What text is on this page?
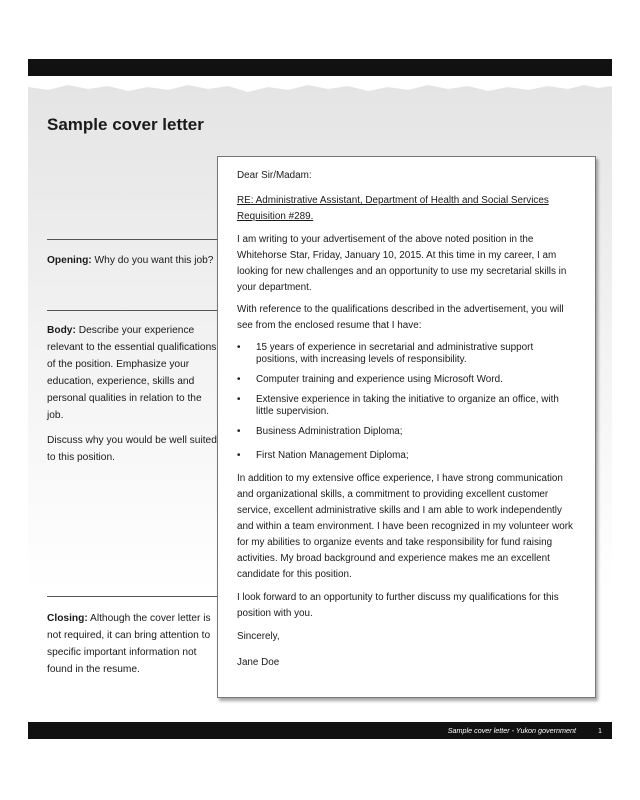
Sample cover letter

Opening: Why do you want this job?

Body: Describe your experience relevant to the essential qualifications of the position. Emphasize your education, experience, skills and personal qualities in relation to the job.

Discuss why you would be well suited to this position.

Closing: Although the cover letter is not required, it can bring attention to specific important information not found in the resume.

Dear Sir/Madam:

RE: Administrative Assistant, Department of Health and Social Services Requisition #289.

I am writing to your advertisement of the above noted position in the Whitehorse Star, Friday, January 10, 2015. At this time in my career, I am looking for new challenges and an opportunity to use my secretarial skills in your department.

With reference to the qualifications described in the advertisement, you will see from the enclosed resume that I have:

• 15 years of experience in secretarial and administrative support positions, with increasing levels of responsibility.
• Computer training and experience using Microsoft Word.
• Extensive experience in taking the initiative to organize an office, with little supervision.
• Business Administration Diploma;
• First Nation Management Diploma;

In addition to my extensive office experience, I have strong communication and organizational skills, a commitment to providing excellent customer service, excellent administrative skills and I am able to work independently and within a team environment. I have been recognized in my volunteer work for my abilities to organize events and take responsibility for fund raising activities. My broad background and experience makes me an excellent candidate for this position.

I look forward to an opportunity to further discuss my qualifications for this position with you.

Sincerely,

Jane Doe

Sample cover letter - Yukon government	1
